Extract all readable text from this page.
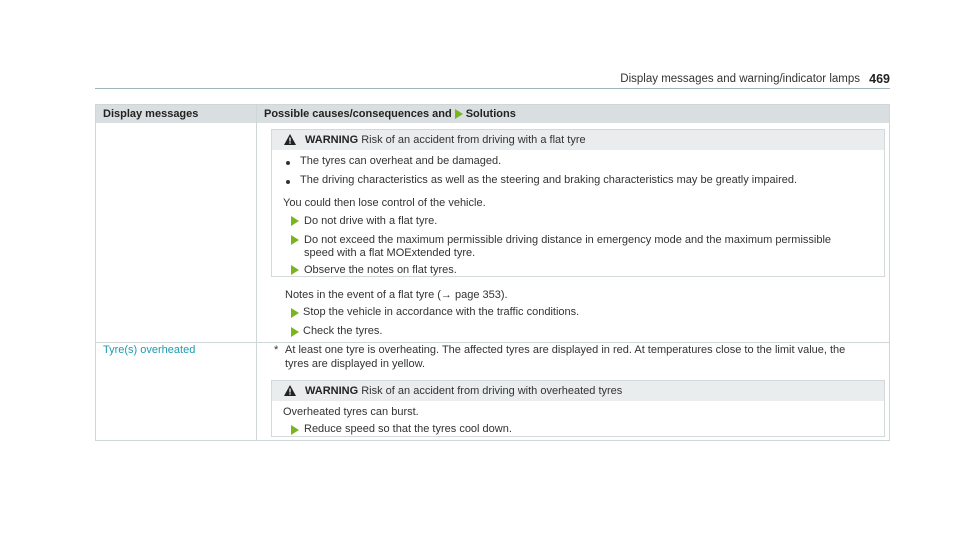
Display messages and warning/indicator lamps 469
Display messages	Possible causes/consequences and Solutions
WARNING Risk of an accident from driving with a flat tyre
The tyres can overheat and be damaged.
The driving characteristics as well as the steering and braking characteristics may be greatly impaired.
You could then lose control of the vehicle.
Do not drive with a flat tyre.
Do not exceed the maximum permissible driving distance in emergency mode and the maximum permissible
speed with a flat MOExtended tyre.
Observe the notes on flat tyres.
Notes in the event of a flat tyre (→ page 353).
Stop the vehicle in accordance with the traffic conditions.
Check the tyres.
Tyre(s) overheated	* At least one tyre is overheating. The affected tyres are displayed in red. At temperatures close to the limit value, the
tyres are displayed in yellow.
WARNING Risk of an accident from driving with overheated tyres
Overheated tyres can burst.
Reduce speed so that the tyres cool down.
